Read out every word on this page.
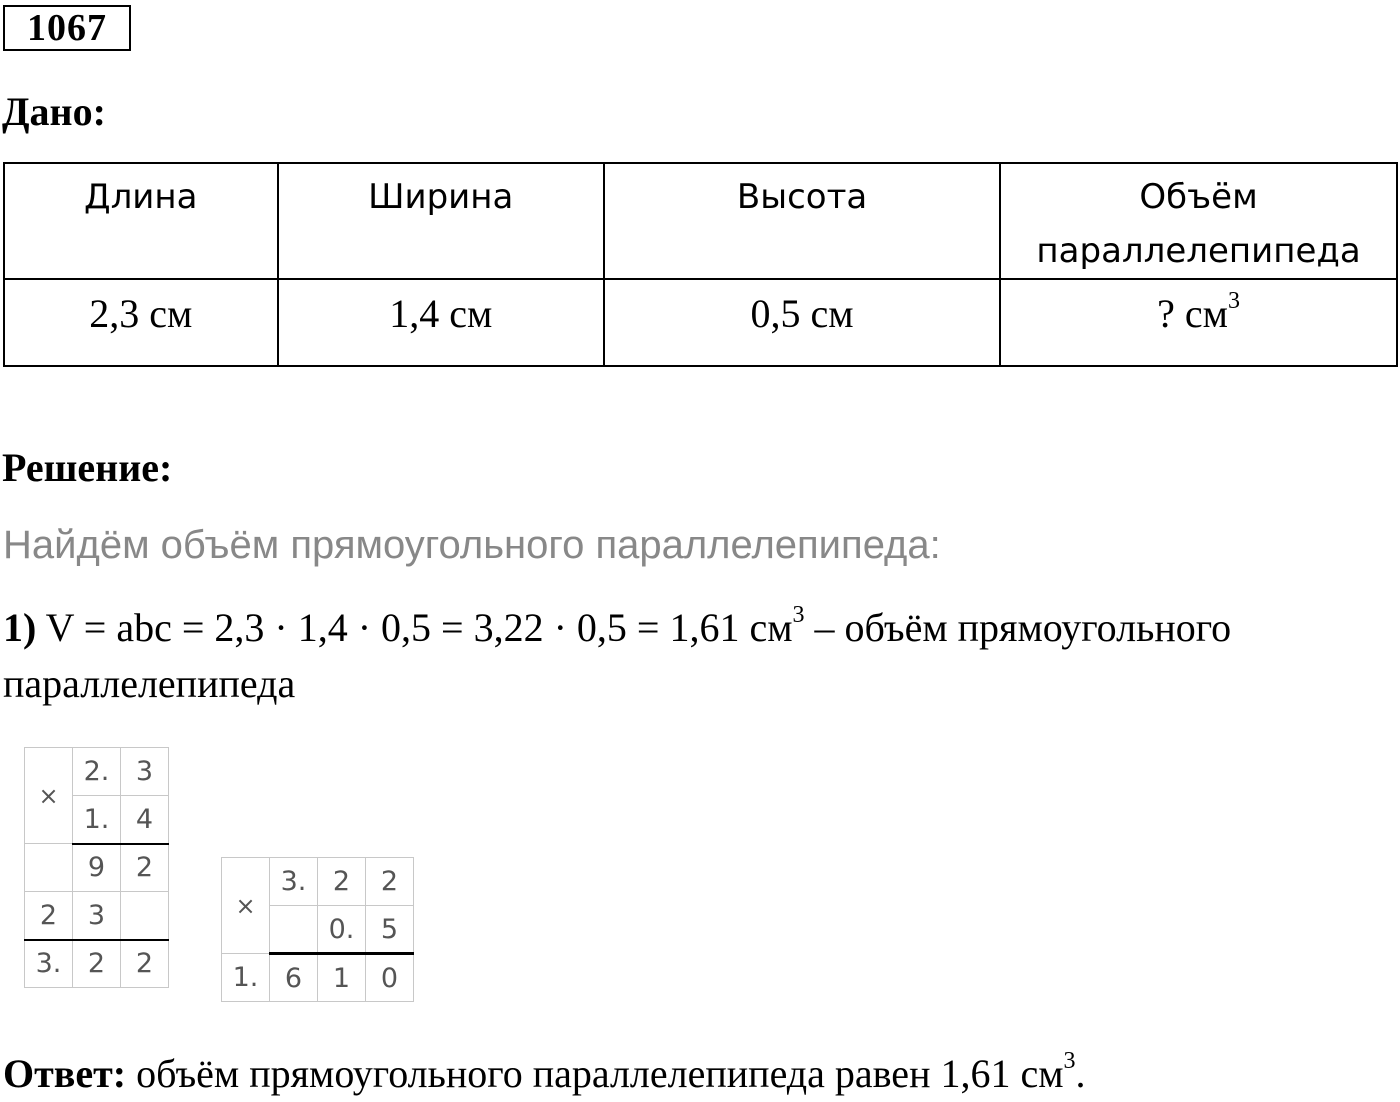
1067
Дано:
Длина	Ширина	Высота	Объём параллелепипеда
2,3 см	1,4 см	0,5 см	? $см^3$
Решение:
Найдём объём прямоугольного параллелепипеда:
1) V = abc = 2,3 · 1,4 · 0,5 = 3,22 · 0,5 = 1,61 $см^3$ – объём прямоугольного параллелепипеда
×	2.	3
	1.	4
	9	2
2	3	
3.	2	2
×	3.	2	2
		0.	5
1.	6	1	0
Ответ: объём прямоугольного параллелепипеда равен 1,61 $см^3$.
